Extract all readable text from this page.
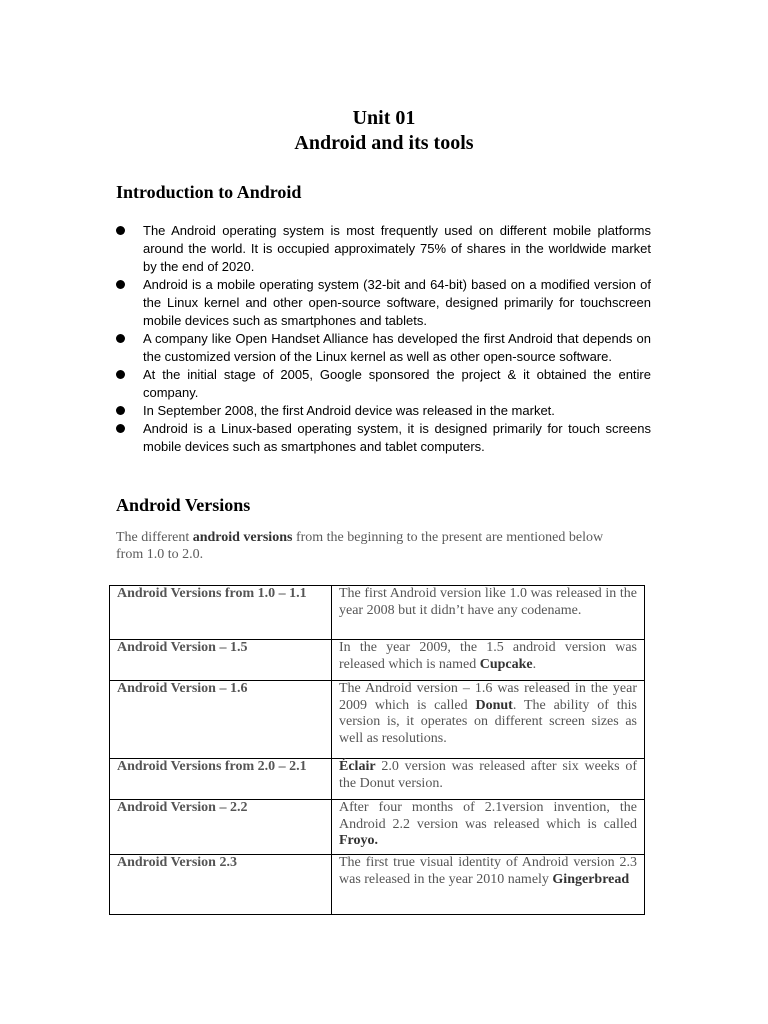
Unit 01
Android and its tools
Introduction to Android
The Android operating system is most frequently used on different mobile platforms around the world. It is occupied approximately 75% of shares in the worldwide market by the end of 2020.
Android is a mobile operating system (32-bit and 64-bit) based on a modified version of the Linux kernel and other open-source software, designed primarily for touchscreen mobile devices such as smartphones and tablets.
A company like Open Handset Alliance has developed the first Android that depends on the customized version of the Linux kernel as well as other open-source software.
At the initial stage of 2005, Google sponsored the project & it obtained the entire company.
In September 2008, the first Android device was released in the market.
Android is a Linux-based operating system, it is designed primarily for touch screens mobile devices such as smartphones and tablet computers.
Android Versions

The different android versions from the beginning to the present are mentioned below from 1.0 to 2.0.

Android Versions from 1.0 – 1.1	The first Android version like 1.0 was released in the year 2008 but it didn’t have any codename.
Android Version – 1.5	In the year 2009, the 1.5 android version was released which is named Cupcake.
Android Version – 1.6	The Android version – 1.6 was released in the year 2009 which is called Donut. The ability of this version is, it operates on different screen sizes as well as resolutions.
Android Versions from 2.0 – 2.1	Éclair 2.0 version was released after six weeks of the Donut version.
Android Version – 2.2	After four months of 2.1version invention, the Android 2.2 version was released which is called Froyo.
Android Version 2.3	The first true visual identity of Android version 2.3 was released in the year 2010 namely Gingerbread
